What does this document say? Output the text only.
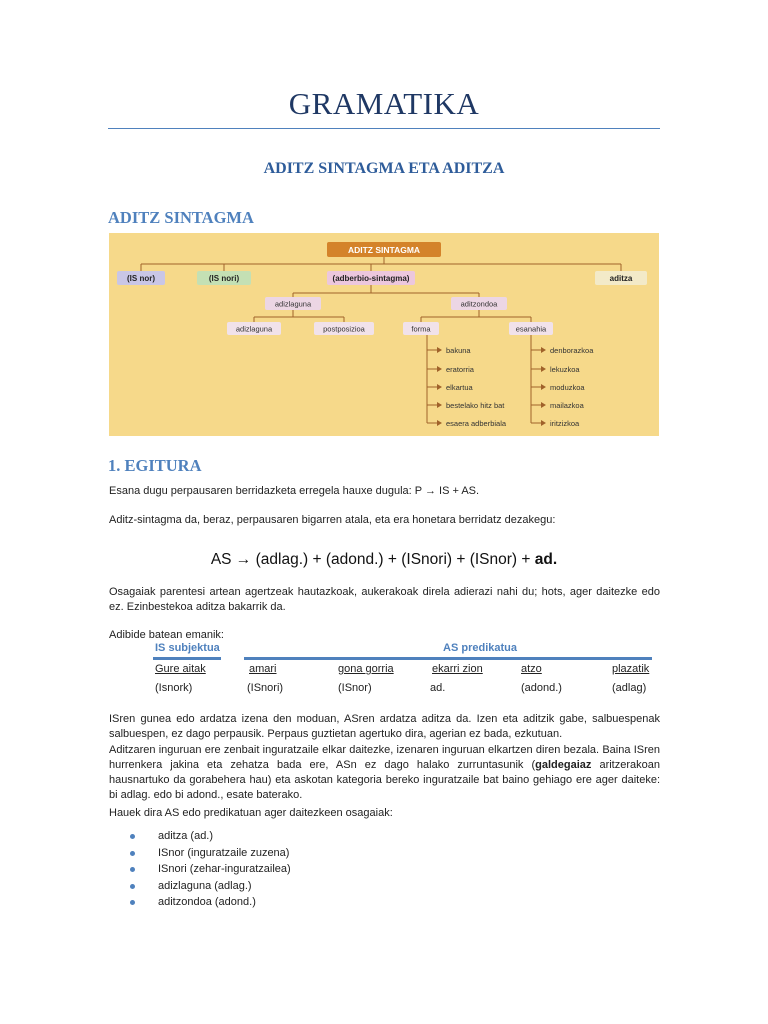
GRAMATIKA
ADITZ SINTAGMA ETA ADITZA
ADITZ SINTAGMA
ADITZ SINTAGMA
(IS nor)	(IS nori)	(adberbio-sintagma)	aditza
adizlaguna	aditzondoa
adizlaguna	postposizioa	forma	esanahia
bakuna
eratorria
elkartua
bestelako hitz bat
esaera adberbiala
denborazkoa
lekuzkoa
moduzkoa
mailazkoa
iritzizkoa
1. EGITURA
Esana dugu perpausaren berridazketa erregela hauxe dugula: P → IS + AS.
Aditz-sintagma da, beraz, perpausaren bigarren atala, eta era honetara berridatz dezakegu:
AS → (adlag.) + (adond.) + (ISnori) + (ISnor) + ad.
Osagaiak parentesi artean agertzeak hautazkoak, aukerakoak direla adierazi nahi du; hots, ager daitezke edo ez. Ezinbestekoa aditza bakarrik da.
Adibide batean emanik:
IS subjektua	AS predikatua
Gure aitak	amari	gona gorria	ekarri zion	atzo	plazatik
(Isnork)	(ISnori)	(ISnor)	ad.	(adond.)	(adlag)
ISren gunea edo ardatza izena den moduan, ASren ardatza aditza da. Izen eta aditzik gabe, salbuespenak salbuespen, ez dago perpausik. Perpaus guztietan agertuko dira, agerian ez bada, ezkutuan.
Aditzaren inguruan ere zenbait inguratzaile elkar daitezke, izenaren inguruan elkartzen diren bezala. Baina ISren hurrenkera jakina eta zehatza bada ere, ASn ez dago halako zurruntasunik (galdegaiaz aritzerakoan hausnartuko da gorabehera hau) eta askotan kategoria bereko inguratzaile bat baino gehiago ere ager daiteke: bi adlag. edo bi adond., esate baterako.
Hauek dira AS edo predikatuan ager daitezkeen osagaiak:
aditza (ad.)
ISnor (inguratzaile zuzena)
ISnori (zehar-inguratzailea)
adizlaguna (adlag.)
aditzondoa (adond.)
